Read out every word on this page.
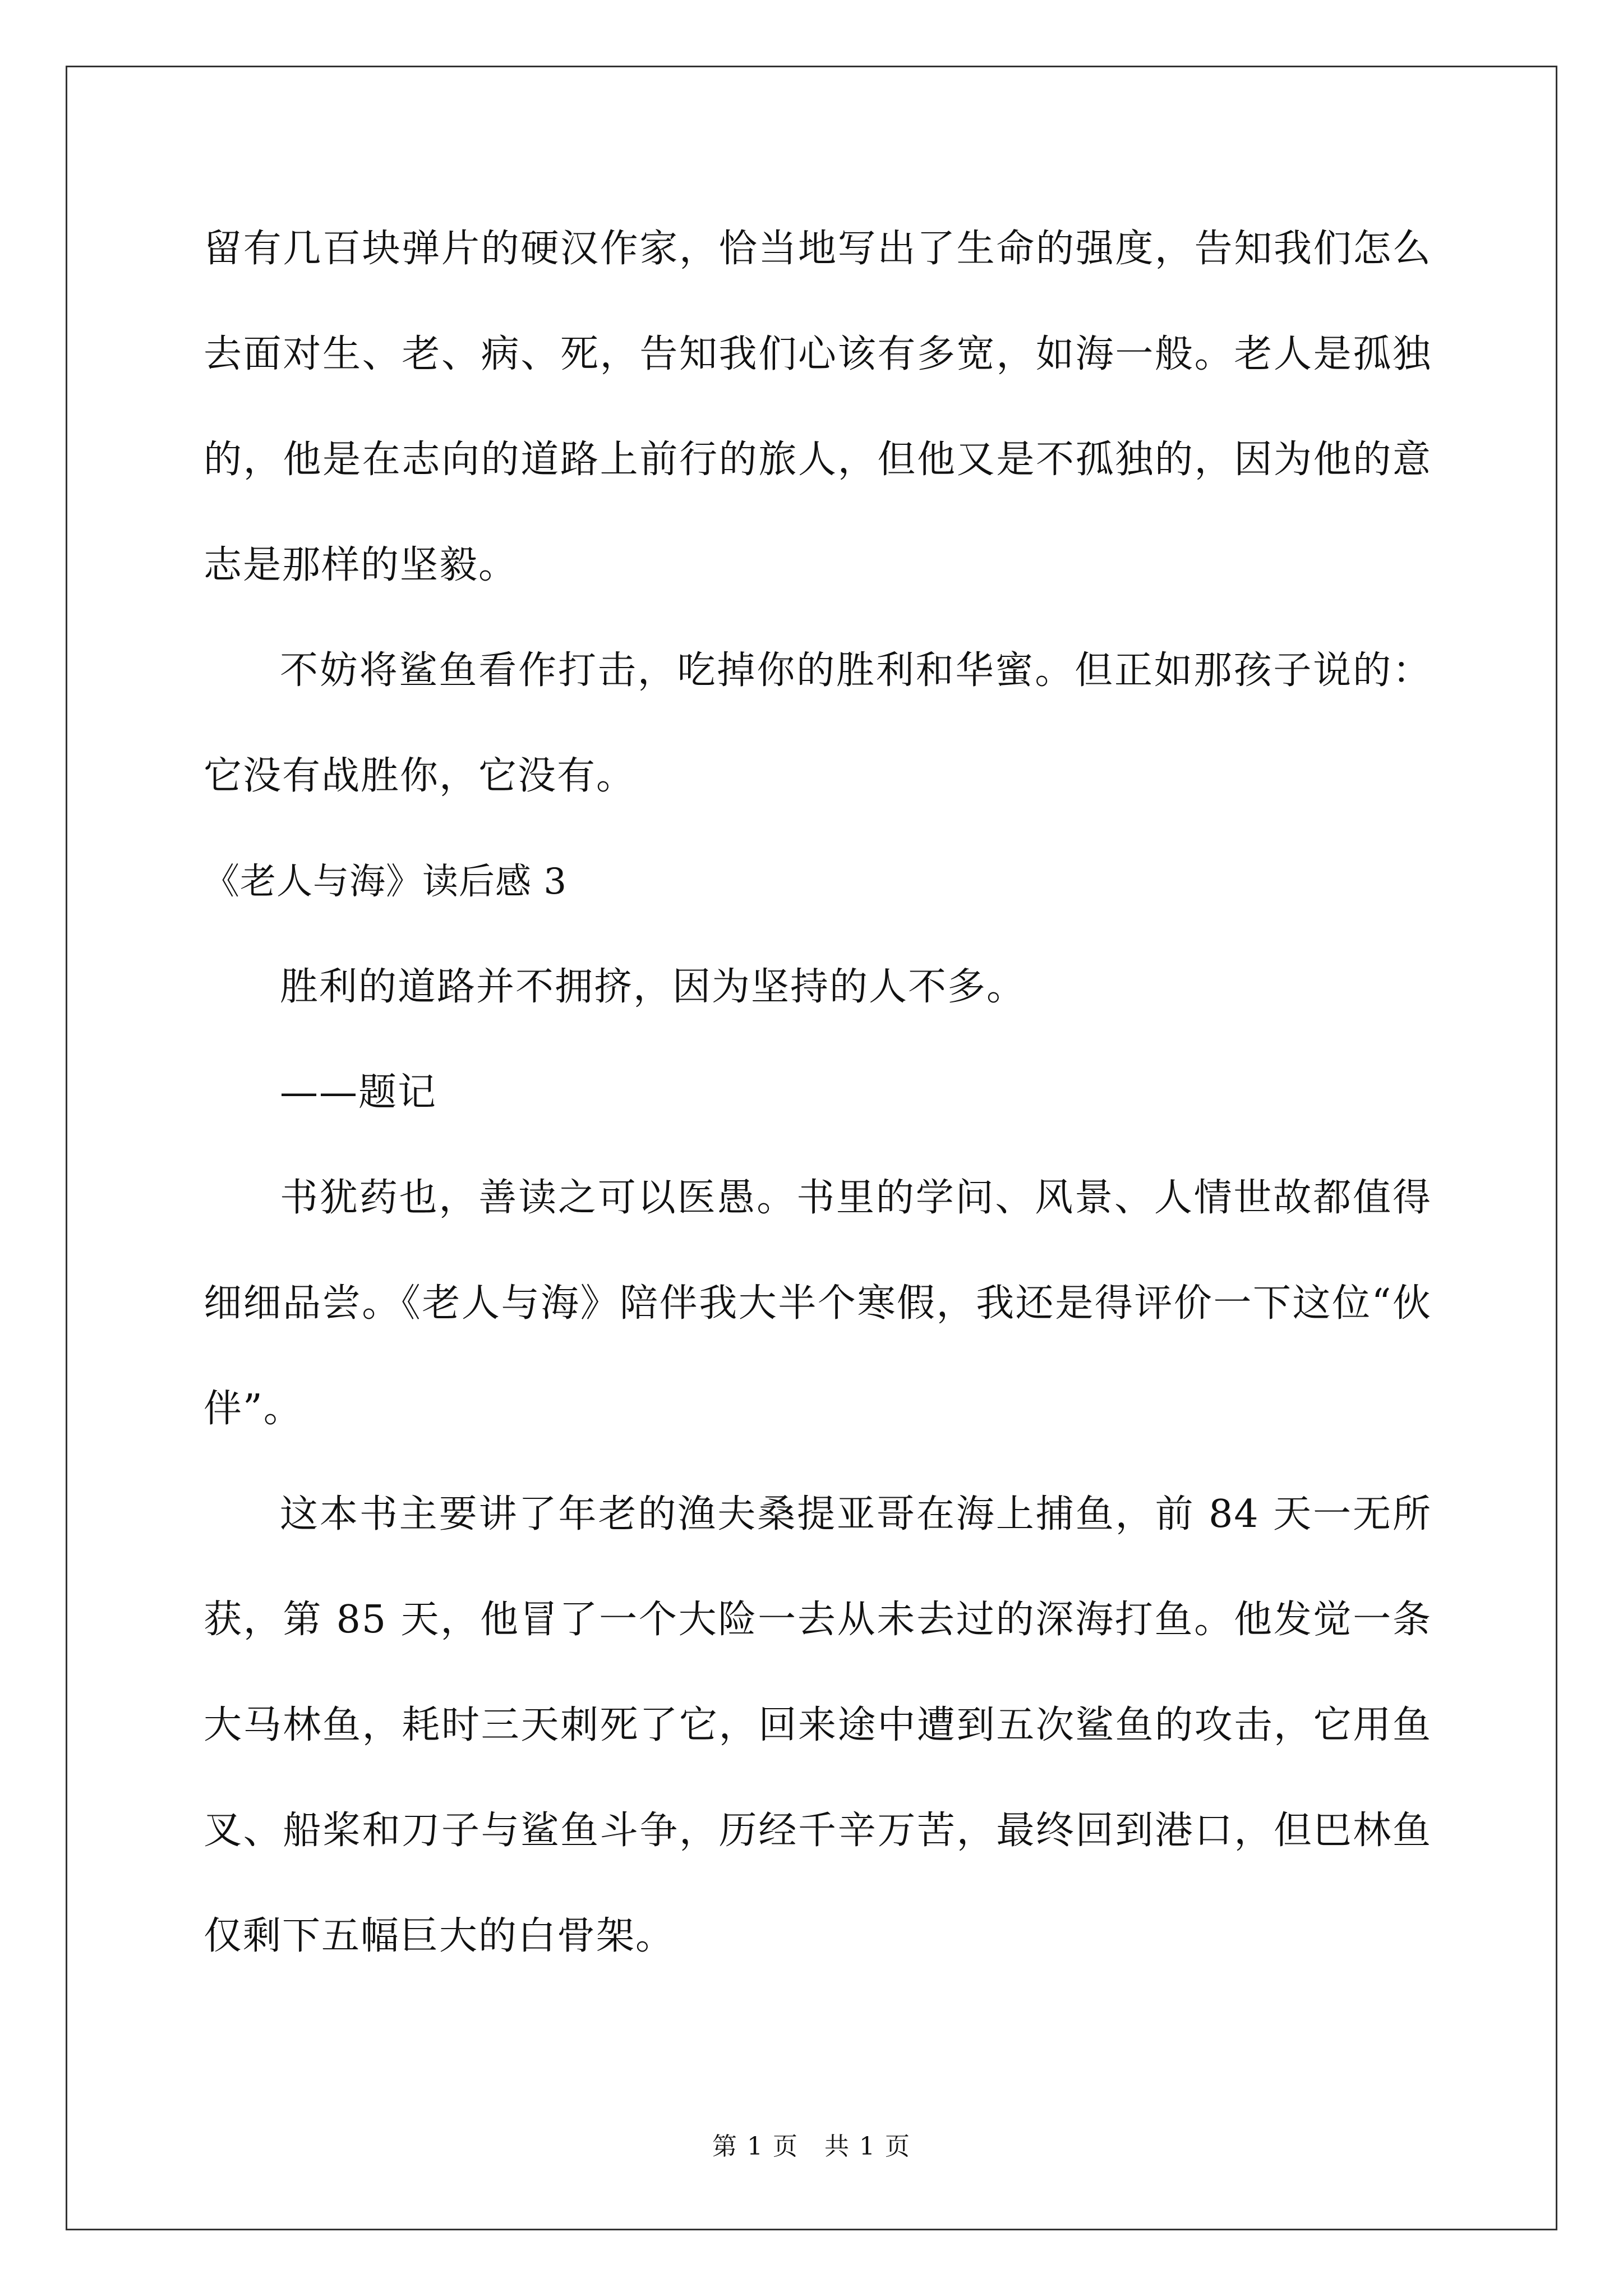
留有几百块弹片的硬汉作家，恰当地写出了生命的强度，告知我们怎么去面对生、老、病、死，告知我们心该有多宽，如海一般。老人是孤独的，他是在志向的道路上前行的旅人，但他又是不孤独的，因为他的意志是那样的坚毅。

不妨将鲨鱼看作打击，吃掉你的胜利和华蜜。但正如那孩子说的：它没有战胜你，它没有。

《老人与海》读后感 3

胜利的道路并不拥挤，因为坚持的人不多。

——题记

书犹药也，善读之可以医愚。书里的学问、风景、人情世故都值得细细品尝。《老人与海》陪伴我大半个寒假，我还是得评价一下这位“伙伴”。

这本书主要讲了年老的渔夫桑提亚哥在海上捕鱼，前 84 天一无所获，第 85 天，他冒了一个大险一去从未去过的深海打鱼。他发觉一条大马林鱼，耗时三天刺死了它，回来途中遭到五次鲨鱼的攻击，它用鱼叉、船桨和刀子与鲨鱼斗争，历经千辛万苦，最终回到港口，但巴林鱼仅剩下五幅巨大的白骨架。

第 1 页　共 1 页
